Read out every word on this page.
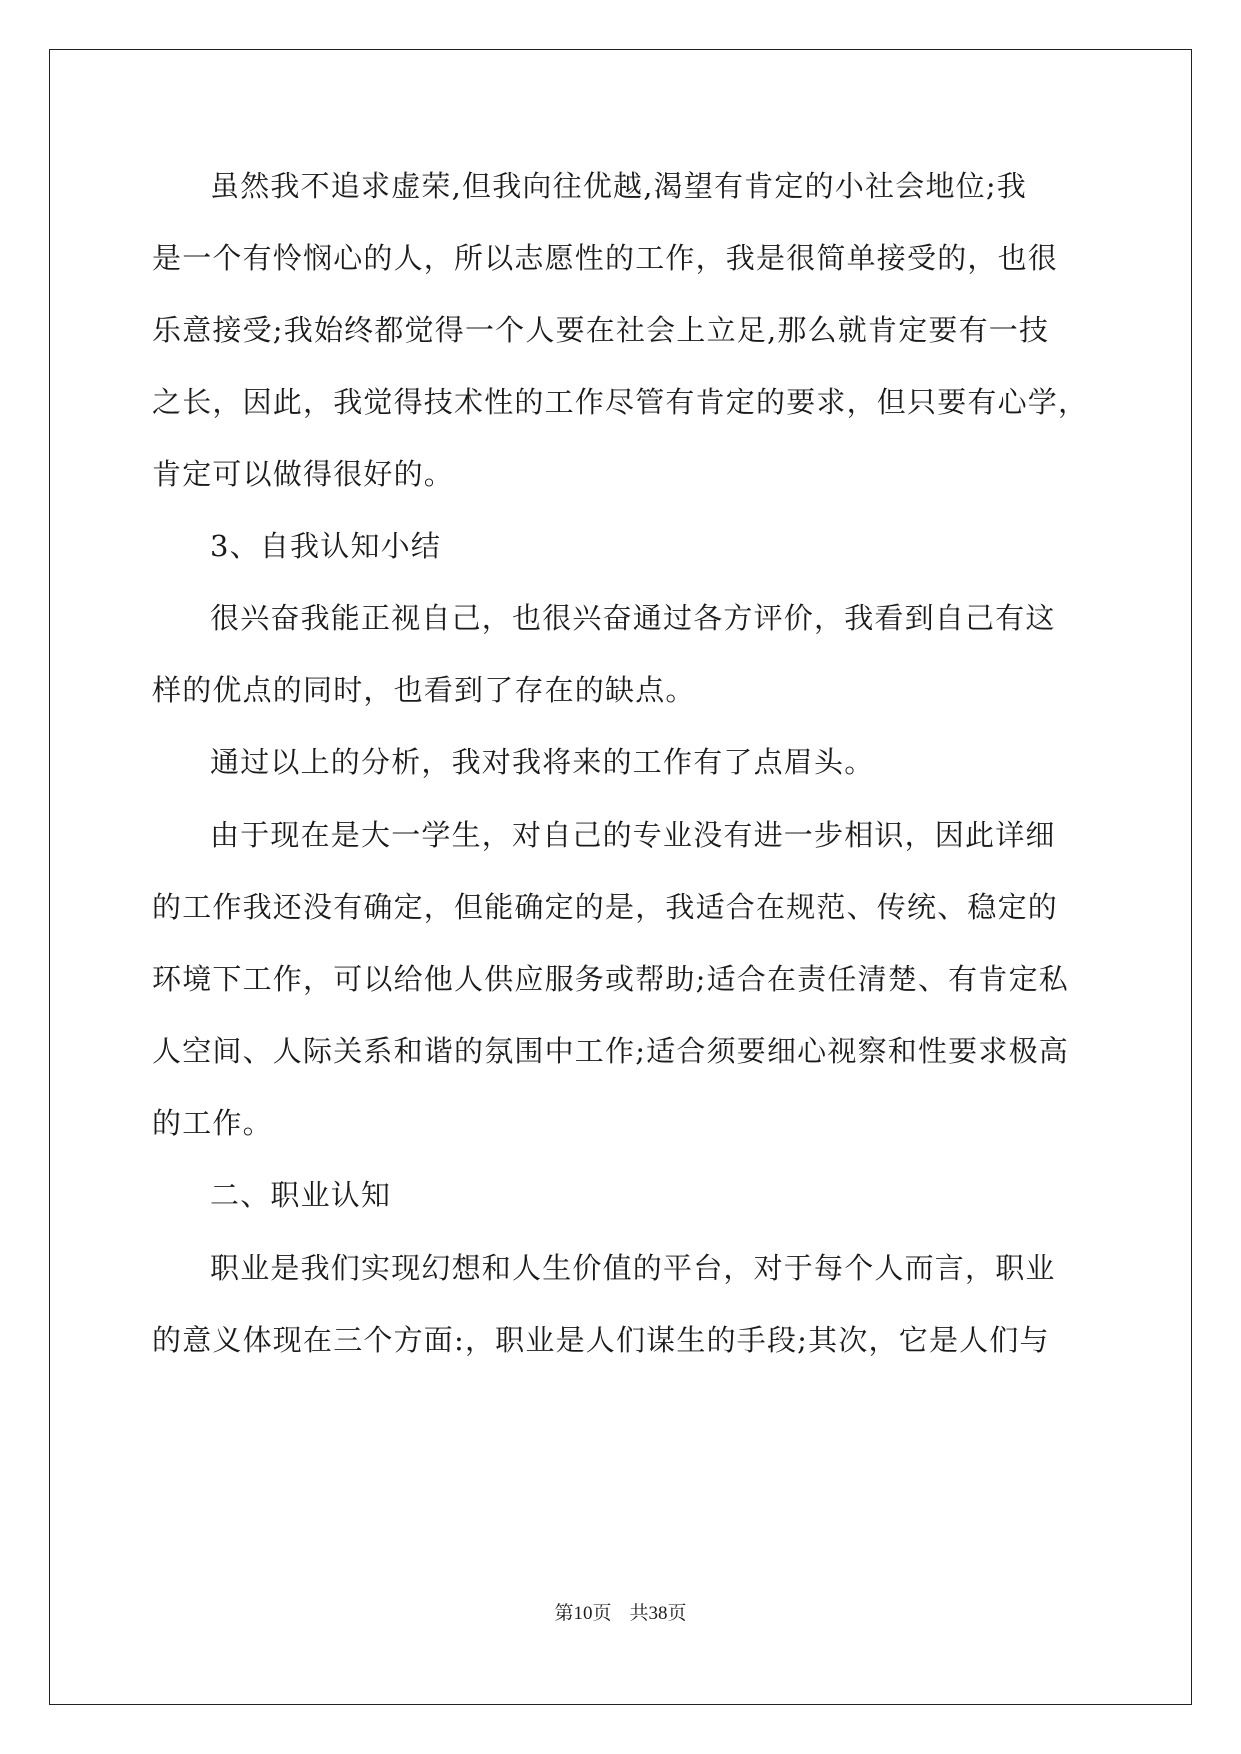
虽然我不追求虚荣,但我向往优越,渴望有肯定的小社会地位;我
是一个有怜悯心的人，所以志愿性的工作，我是很简单接受的，也很
乐意接受;我始终都觉得一个人要在社会上立足,那么就肯定要有一技
之长，因此，我觉得技术性的工作尽管有肯定的要求，但只要有心学，
肯定可以做得很好的。
3、自我认知小结
很兴奋我能正视自己，也很兴奋通过各方评价，我看到自己有这
样的优点的同时，也看到了存在的缺点。
通过以上的分析，我对我将来的工作有了点眉头。
由于现在是大一学生，对自己的专业没有进一步相识，因此详细
的工作我还没有确定，但能确定的是，我适合在规范、传统、稳定的
环境下工作，可以给他人供应服务或帮助;适合在责任清楚、有肯定私
人空间、人际关系和谐的氛围中工作;适合须要细心视察和性要求极高
的工作。
二、职业认知
职业是我们实现幻想和人生价值的平台，对于每个人而言，职业
的意义体现在三个方面:，职业是人们谋生的手段;其次，它是人们与
第10页 共38页
